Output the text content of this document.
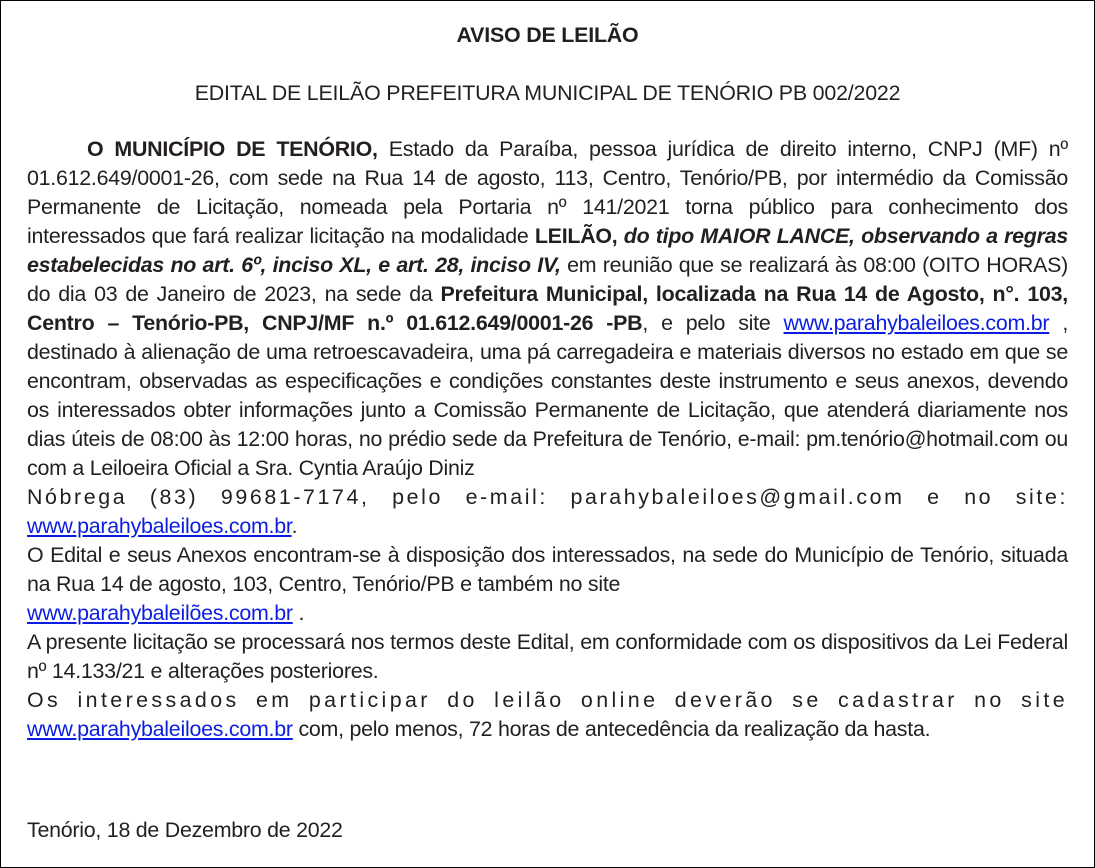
AVISO DE LEILÃO
EDITAL DE LEILÃO PREFEITURA MUNICIPAL DE TENÓRIO PB 002/2022

O MUNICÍPIO DE TENÓRIO, Estado da Paraíba, pessoa jurídica de direito interno, CNPJ (MF) nº 01.612.649/0001-26, com sede na Rua 14 de agosto, 113, Centro, Tenório/PB, por intermédio da Comissão Permanente de Licitação, nomeada pela Portaria nº 141/2021 torna público para conhecimento dos interessados que fará realizar licitação na modalidade LEILÃO, do tipo MAIOR LANCE, observando a regras estabelecidas no art. 6º, inciso XL, e art. 28, inciso IV, em reunião que se realizará às 08:00 (OITO HORAS) do dia 03 de Janeiro de 2023, na sede da Prefeitura Municipal, localizada na Rua 14 de Agosto, n°. 103, Centro – Tenório-PB, CNPJ/MF n.º 01.612.649/0001-26 -PB, e pelo site www.parahybaleiloes.com.br , destinado à alienação de uma retroescavadeira, uma pá carregadeira e materiais diversos no estado em que se encontram, observadas as especificações e condições constantes deste instrumento e seus anexos, devendo os interessados obter informações junto a Comissão Permanente de Licitação, que atenderá diariamente nos dias úteis de 08:00 às 12:00 horas, no prédio sede da Prefeitura de Tenório, e-mail: pm.tenório@hotmail.com ou com a Leiloeira Oficial a Sra. Cyntia Araújo Diniz

Nóbrega (83) 99681-7174, pelo e-mail: parahybaleiloes@gmail.com e no site:

www.parahybaleiloes.com.br.

O Edital e seus Anexos encontram-se à disposição dos interessados, na sede do Município de Tenório, situada na Rua 14 de agosto, 103, Centro, Tenório/PB e também no site

www.parahybaleilões.com.br .

A presente licitação se processará nos termos deste Edital, em conformidade com os dispositivos da Lei Federal nº 14.133/21 e alterações posteriores.

Os interessados em participar do leilão online deverão se cadastrar no site

www.parahybaleiloes.com.br com, pelo menos, 72 horas de antecedência da realização da hasta.

Tenório, 18 de Dezembro de 2022
